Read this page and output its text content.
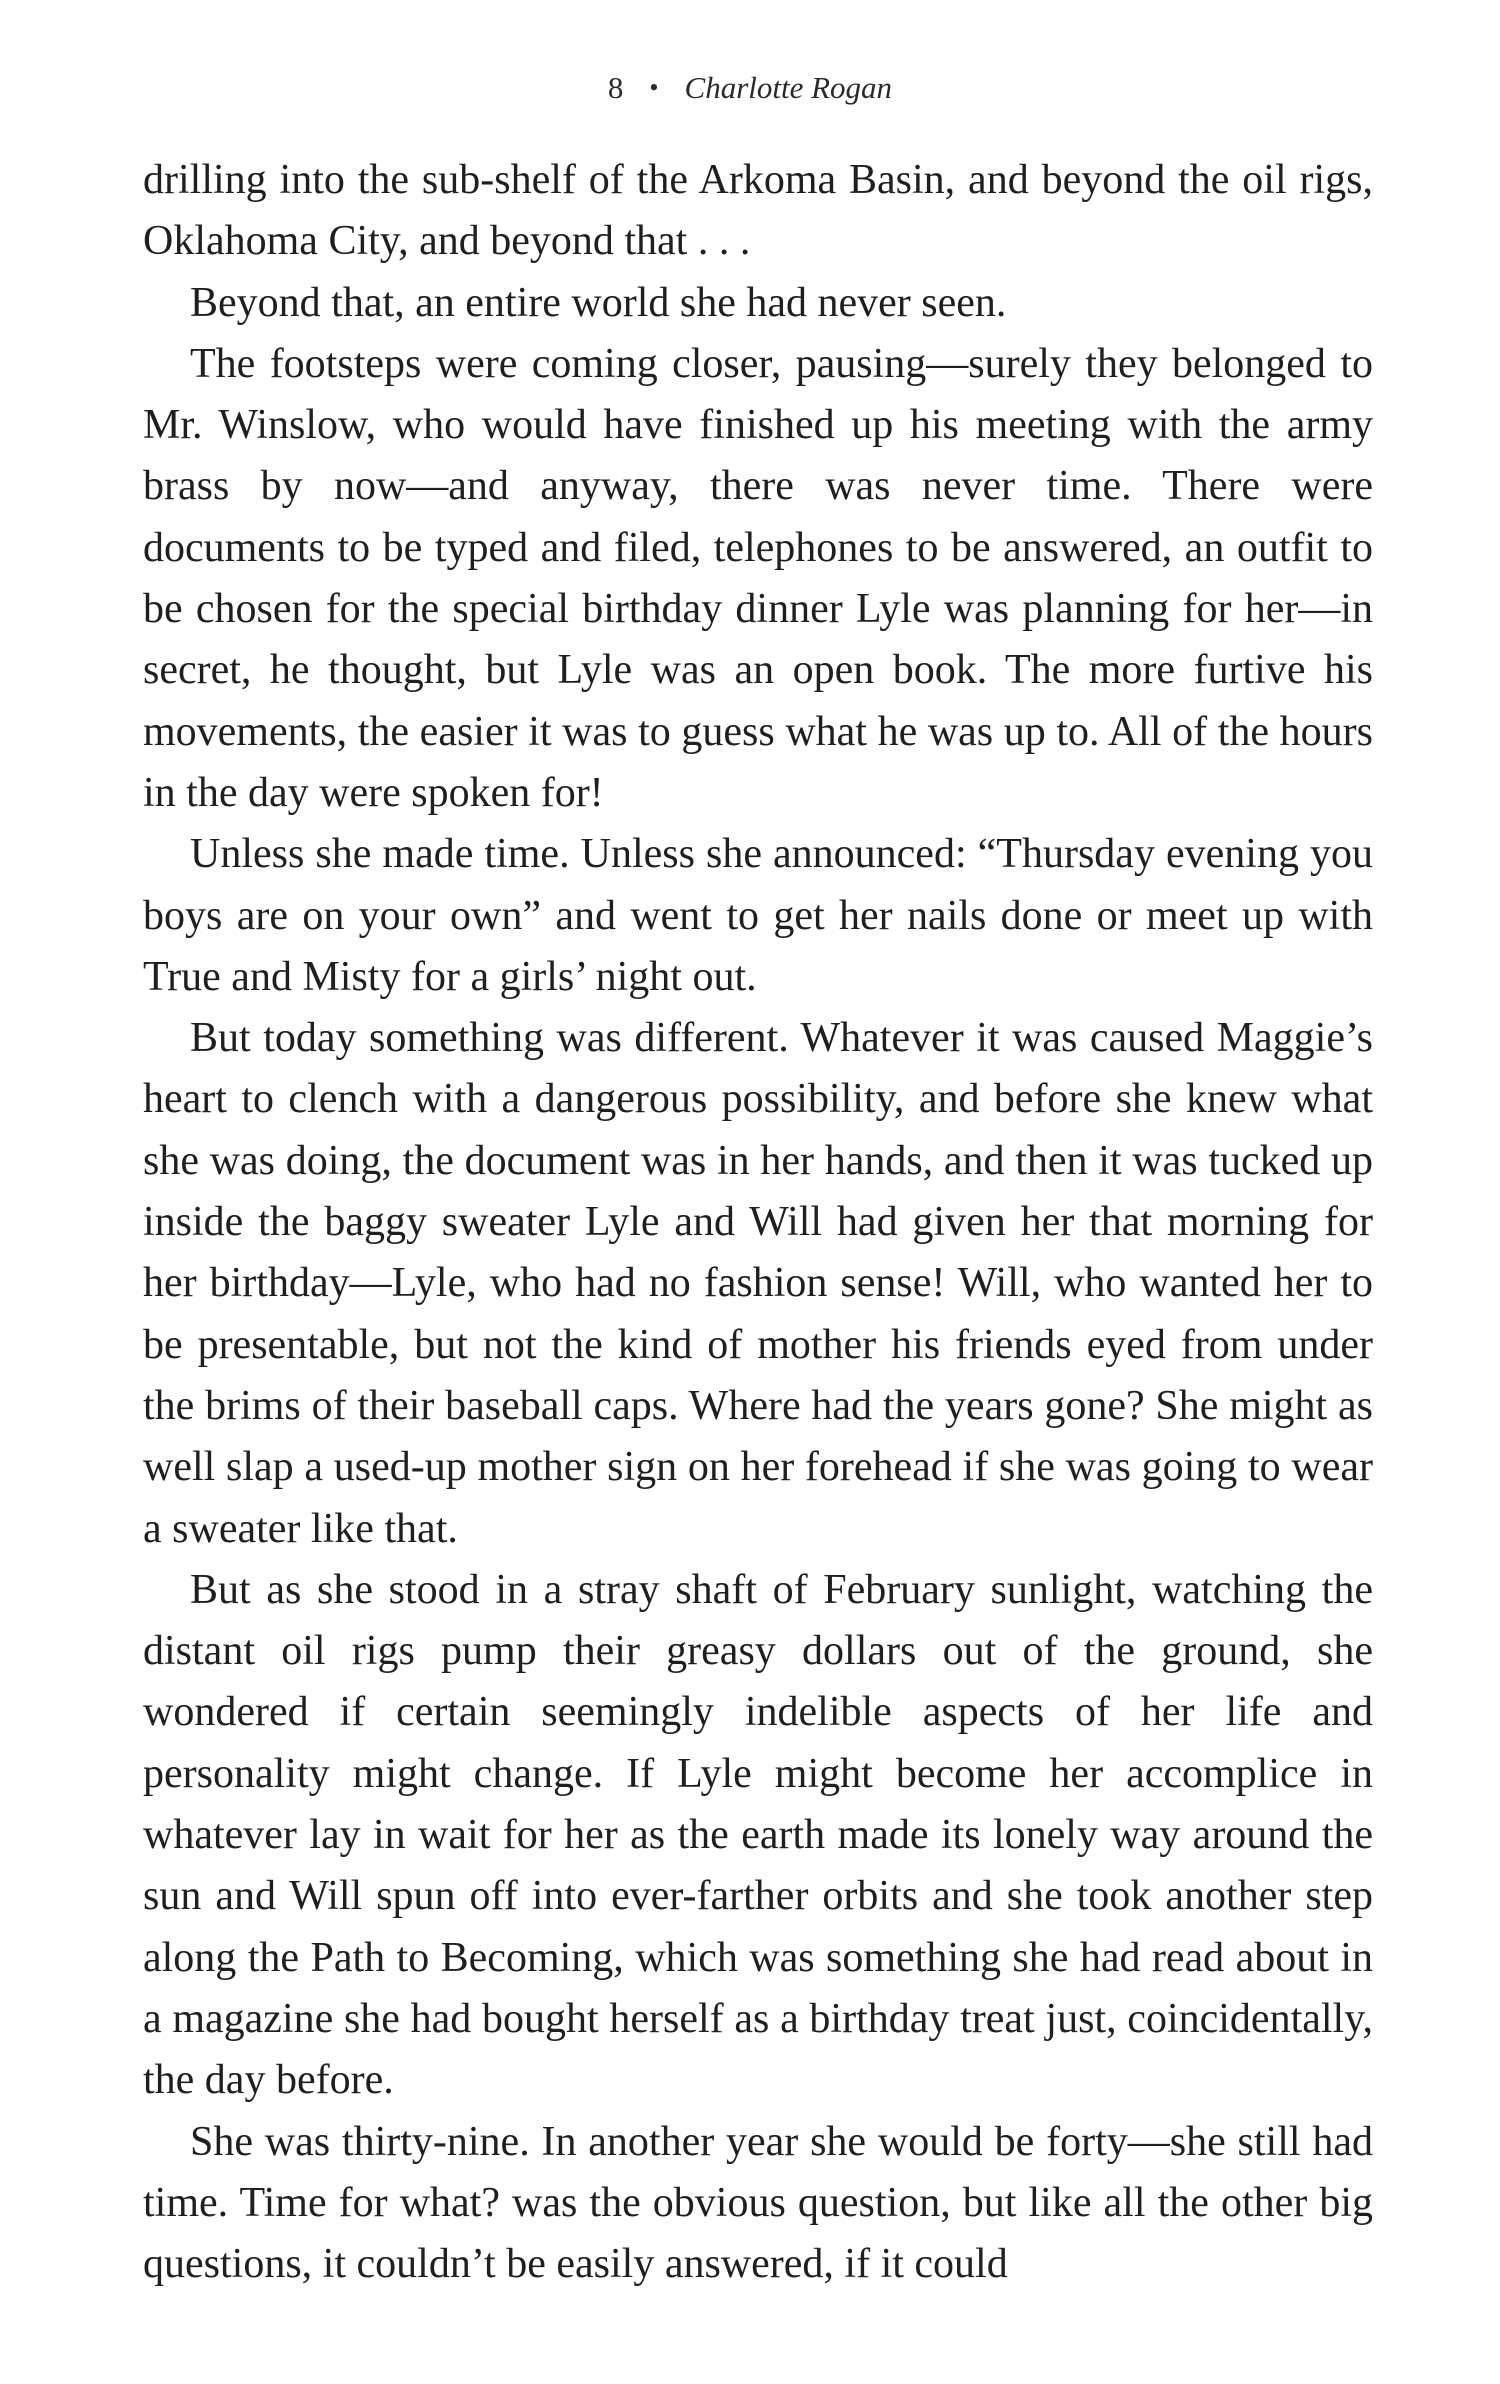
8 • Charlotte Rogan

drilling into the sub-shelf of the Arkoma Basin, and beyond the oil rigs, Oklahoma City, and beyond that . . .

Beyond that, an entire world she had never seen.

The footsteps were coming closer, pausing—surely they belonged to Mr. Winslow, who would have finished up his meeting with the army brass by now—and anyway, there was never time. There were documents to be typed and filed, telephones to be answered, an outfit to be chosen for the special birthday dinner Lyle was planning for her—in secret, he thought, but Lyle was an open book. The more furtive his movements, the easier it was to guess what he was up to. All of the hours in the day were spoken for!

Unless she made time. Unless she announced: “Thursday evening you boys are on your own” and went to get her nails done or meet up with True and Misty for a girls’ night out.

But today something was different. Whatever it was caused Maggie’s heart to clench with a dangerous possibility, and before she knew what she was doing, the document was in her hands, and then it was tucked up inside the baggy sweater Lyle and Will had given her that morning for her birthday—Lyle, who had no fashion sense! Will, who wanted her to be presentable, but not the kind of mother his friends eyed from under the brims of their baseball caps. Where had the years gone? She might as well slap a used-up mother sign on her forehead if she was going to wear a sweater like that.

But as she stood in a stray shaft of February sunlight, watching the distant oil rigs pump their greasy dollars out of the ground, she wondered if certain seemingly indelible aspects of her life and personality might change. If Lyle might become her accomplice in whatever lay in wait for her as the earth made its lonely way around the sun and Will spun off into ever-farther orbits and she took another step along the Path to Becoming, which was something she had read about in a magazine she had bought herself as a birthday treat just, coincidentally, the day before.

She was thirty-nine. In another year she would be forty—she still had time. Time for what? was the obvious question, but like all the other big questions, it couldn’t be easily answered, if it could
